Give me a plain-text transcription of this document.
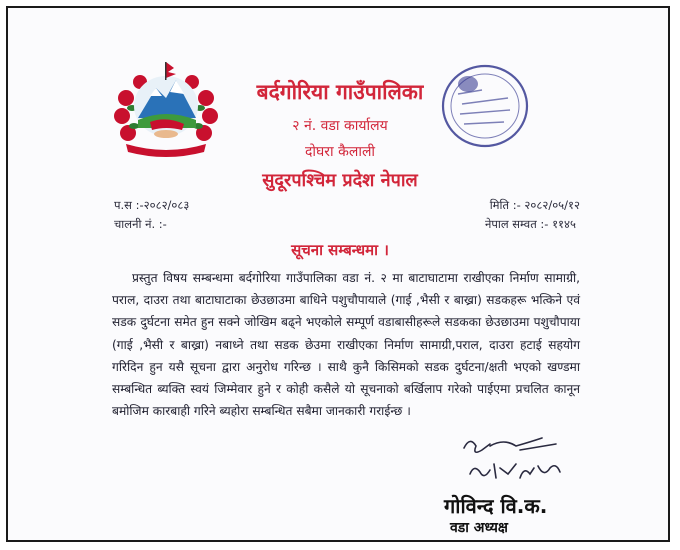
बर्दगोरिया गाउँपालिका
२ नं. वडा कार्यालय
दोघरा कैलाली
सुदूरपश्चिम प्रदेश नेपाल
प.स :-२०८२/०८३
चालनी नं. :-
मिति :- २०८२/०५/१२
नेपाल सम्वत :- ११४५
सूचना सम्बन्धमा ।
प्रस्तुत विषय सम्बन्धमा बर्दगोरिया गाउँपालिका वडा नं. २ मा बाटाघाटामा राखीएका निर्माण सामाग्री, पराल, दाउरा तथा बाटाघाटाका छेउछाउमा बाधिने पशुचौपायाले (गाई ,भैसी र बाख्रा) सडकहरू भत्किने एवं सडक दुर्घटना समेत हुन सक्ने जोखिम बढ्ने भएकोले सम्पूर्ण वडाबासीहरूले सडकका छेउछाउमा पशुचौपाया (गाई ,भैसी र बाख्रा) नबाध्ने तथा सडक छेउमा राखीएका निर्माण सामाग्री,पराल, दाउरा हटाई सहयोग गरिदिन हुन यसै सूचना द्वारा अनुरोध गरिन्छ । साथै कुनै किसिमको सडक दुर्घटना/क्षती भएको खण्डमा सम्बन्धित ब्यक्ति स्वयं जिम्मेवार हुने र कोही कसैले यो सूचनाको बर्खिलाप गरेको पाईएमा प्रचलित कानून बमोजिम कारबाही गरिने ब्यहोरा सम्बन्धित सबैमा जानकारी गराईन्छ ।
गोविन्द वि.क.
वडा अध्यक्ष
